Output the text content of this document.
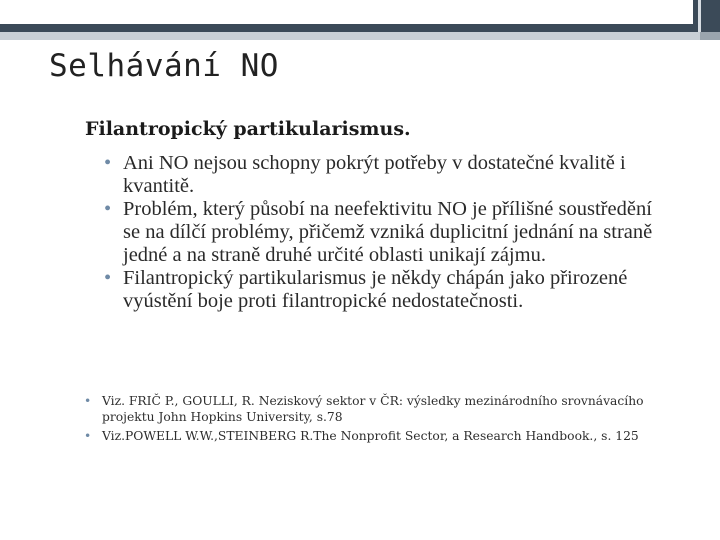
Selhávání NO
Filantropický partikularismus.
• Ani NO nejsou schopny pokrýt potřeby v dostatečné kvalitě i kvantitě.
• Problém, který působí na neefektivitu NO je přílišné soustředění se na dílčí problémy, přičemž vzniká duplicitní jednání na straně jedné a na straně druhé určité oblasti unikají zájmu.
• Filantropický partikularismus je někdy chápán jako přirozené vyústění boje proti filantropické nedostatečnosti.
• Viz. FRIČ P., GOULLI, R. Neziskový sektor v ČR: výsledky mezinárodního srovnávacího projektu John Hopkins University, s.78
• Viz.POWELL W.W.,STEINBERG R.The Nonprofit Sector, a Research Handbook., s. 125
